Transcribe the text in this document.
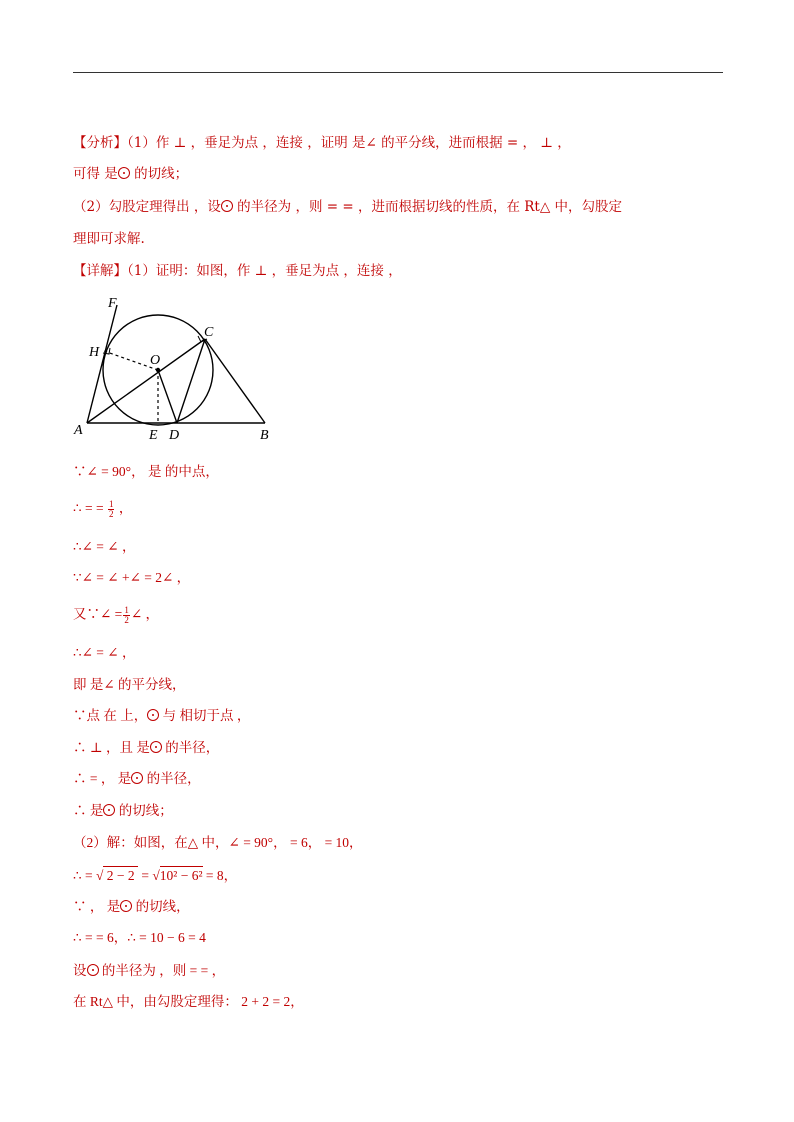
【分析】（1）作 ⊥ ，垂足为点 ，连接 ，证明 是∠ 的平分线，进而根据 = ， ⊥ ，
可得 是 的切线；
（2）勾股定理得出 ，设 的半径为 ，则 = = ，进而根据切线的性质，在 Rt△ 中，勾股定
理即可求解.
【详解】（1）证明：如图，作 ⊥ ，垂足为点 ，连接 ，
F
H
O
C
A	E D	B
∵∠ = 90°， 是 的中点，
∴ = = $\frac{1}{2}$ ，
∴∠ = ∠ ，
∵∠ = ∠ +∠ = 2∠ ，
又∵∠ = $\frac{1}{2}$ ∠ ，
∴∠ = ∠ ，
即 是∠ 的平分线，
∵点 在 上， 与 相切于点 ，
∴ ⊥ ，且 是 的半径，
∴ = ， 是 的半径，
∴ 是 的切线；
（2）解：如图，在△ 中，∠ = 90°， = 6， = 10，
∴ = √ 2 − 2  = √10² − 6² = 8，
∵ ， 是 的切线，
∴ = = 6，∴ = 10 − 6 = 4
设 的半径为 ，则 = = ，
在 Rt△ 中，由勾股定理得： 2 + 2 = 2，
